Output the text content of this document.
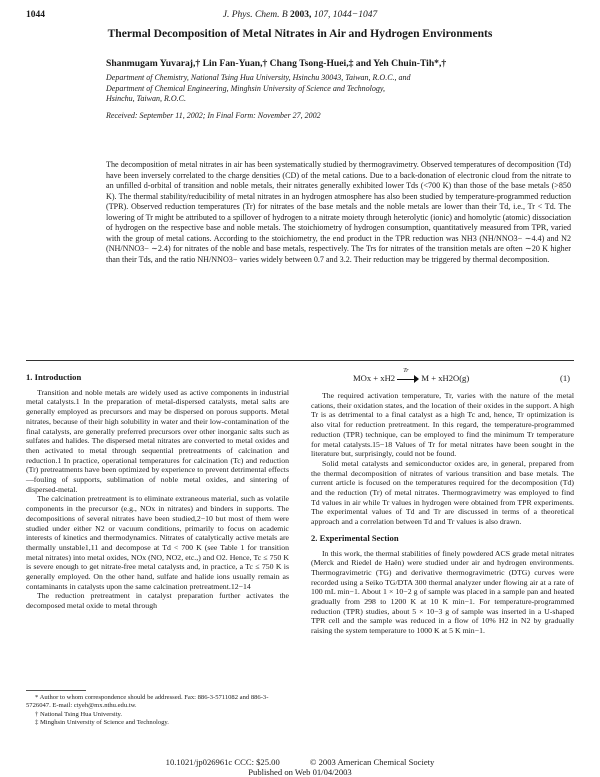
1044	J. Phys. Chem. B 2003, 107, 1044−1047
Thermal Decomposition of Metal Nitrates in Air and Hydrogen Environments
Shanmugam Yuvaraj,† Lin Fan-Yuan,† Chang Tsong-Huei,‡ and Yeh Chuin-Tih*,†
Department of Chemistry, National Tsing Hua University, Hsinchu 30043, Taiwan, R.O.C., and
Department of Chemical Engineering, Minghsin University of Science and Technology,
Hsinchu, Taiwan, R.O.C.
Received: September 11, 2002; In Final Form: November 27, 2002
The decomposition of metal nitrates in air has been systematically studied by thermogravimetry. Observed temperatures of decomposition (Td) have been inversely correlated to the charge densities (CD) of the metal cations. Due to a back-donation of electronic cloud from the nitrate to an unfilled d-orbital of transition and noble metals, their nitrates generally exhibited lower Tds (<700 K) than those of the base metals (>850 K). The thermal stability/reducibility of metal nitrates in an hydrogen atmosphere has also been studied by temperature-programmed reduction (TPR). Observed reduction temperatures (Tr) for nitrates of the base metals and the noble metals are lower than their Td, i.e., Tr < Td. The lowering of Tr might be attributed to a spillover of hydrogen to a nitrate moiety through heterolytic (ionic) and homolytic (atomic) dissociation of hydrogen on the respective base and noble metals. The stoichiometry of hydrogen consumption, quantitatively measured from TPR, varied with the group of metal cations. According to the stoichiometry, the end product in the TPR reduction was NH3 (NH/NNO3− ∼4.4) and N2 (NH/NNO3− ∼2.4) for nitrates of the noble and base metals, respectively. The Trs for nitrates of the transition metals are often ∼20 K higher than their Tds, and the ratio NH/NNO3− varies widely between 0.7 and 3.2. Their reduction may be triggered by thermal decomposition.
1. Introduction

Transition and noble metals are widely used as active components in industrial metal catalysts.1 In the preparation of metal-dispersed catalysts, metal salts are generally employed as precursors and may be dispersed on porous supports. Metal nitrates, because of their high solubility in water and their low-contamination of the final catalysts, are generally preferred precursors over other inorganic salts such as sulfates and halides. The dispersed metal nitrates are converted to metal oxides and then activated to metal through sequential pretreatments of calcination and reduction.1 In practice, operational temperatures for calcination (Tc) and reduction (Tr) pretreatments have been optimized by experience to prevent detrimental effects—fouling of supports, sublimation of noble metal oxides, and sintering of dispersed-metal.

The calcination pretreatment is to eliminate extraneous material, such as volatile components in the precursor (e.g., NOx in nitrates) and binders in supports. The decompositions of several nitrates have been studied,2−10 but most of them were studied under either N2 or vacuum conditions, primarily to focus on academic interests of kinetics and thermodynamics. Nitrates of catalytically active metals are thermally unstable1,11 and decompose at Td < 700 K (see Table 1 for transition metal nitrates) into metal oxides, NOx (NO, NO2, etc.,) and O2. Hence, Tc ≤ 750 K is severe enough to get nitrate-free metal catalysts and, in practice, a Tc ≤ 750 K is generally employed. On the other hand, sulfate and halide ions usually remain as contaminants in catalysts upon the same calcination pretreatment.12−14

The reduction pretreatment in catalyst preparation further activates the decomposed metal oxide to metal through

* Author to whom correspondence should be addressed. Fax: 886-3-5711082 and 886-3-5726047. E-mail: ctyeh@mx.nthu.edu.tw.
† National Tsing Hua University.
‡ Minghsin University of Science and Technology.
MOx + xH2
Tr
M + xH2O(g)	(1)

The required activation temperature, Tr, varies with the nature of the metal cations, their oxidation states, and the location of their oxides in the support. A high Tr is as detrimental to a final catalyst as a high Tc and, hence, Tr optimization is also vital for reduction pretreatment. In this regard, the temperature-programmed reduction (TPR) technique, can be employed to find the minimum Tr temperature for metal catalysts.15−18 Values of Tr for metal nitrates have been sought in the literature but, surprisingly, could not be found.

Solid metal catalysts and semiconductor oxides are, in general, prepared from the thermal decomposition of nitrates of various transition and base metals. The current article is focused on the temperatures required for the decomposition (Td) and the reduction (Tr) of metal nitrates. Thermogravimetry was employed to find Td values in air while Tr values in hydrogen were obtained from TPR experiments. The experimental values of Td and Tr are discussed in terms of a theoretical approach and a correlation between Td and Tr values is also drawn.

2. Experimental Section

In this work, the thermal stabilities of finely powdered ACS grade metal nitrates (Merck and Riedel de Haën) were studied under air and hydrogen environments. Thermogravimetric (TG) and derivative thermogravimetric (DTG) curves were recorded using a Seiko TG/DTA 300 thermal analyzer under flowing air at a rate of 100 mL min−1. About 1 × 10−2 g of sample was placed in a sample pan and heated gradually from 298 to 1200 K at 10 K min−1. For temperature-programmed reduction (TPR) studies, about 5 × 10−3 g of sample was inserted in a U-shaped TPR cell and the sample was reduced in a flow of 10% H2 in N2 by gradually raising the system temperature to 1000 K at 5 K min−1.

10.1021/jp026961c CCC: $25.00	© 2003 American Chemical Society
Published on Web 01/04/2003
